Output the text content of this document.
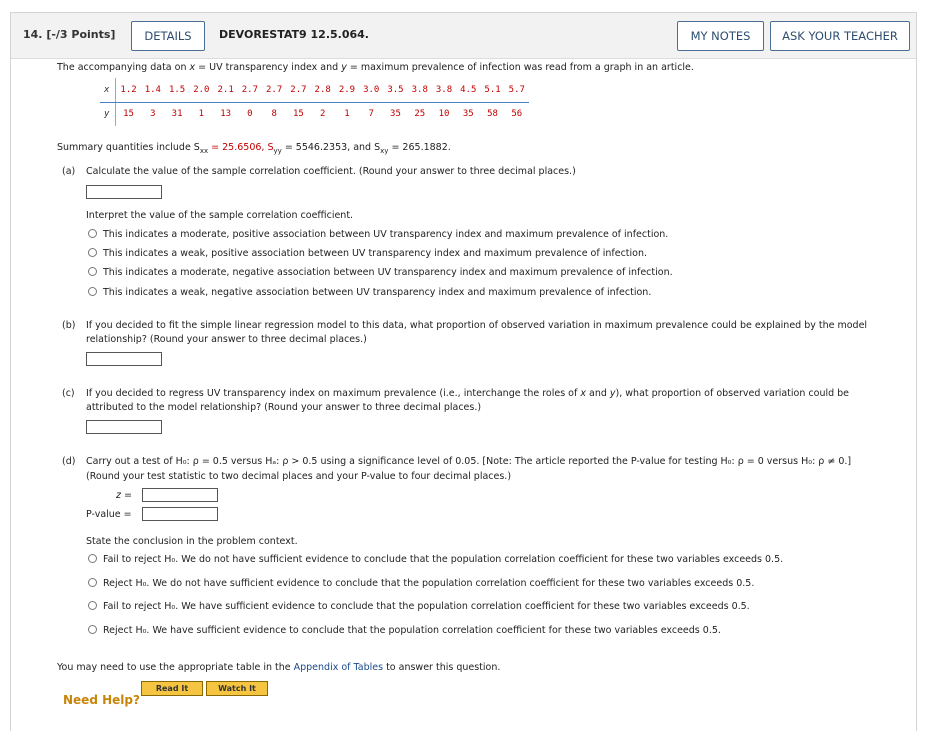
14. [-/3 Points]	DETAILS	DEVORESTAT9 12.5.064.	MY NOTES	ASK YOUR TEACHER
The accompanying data on x = UV transparency index and y = maximum prevalence of infection was read from a graph in an article.
x	1.2	1.4	1.5	2.0	2.1	2.7	2.7	2.7	2.8	2.9	3.0	3.5	3.8	3.8	4.5	5.1	5.7
y	15	3	31	1	13	0	8	15	2	1	7	35	25	10	35	58	56
Summary quantities include $S_{xx} = 25.6506$, $S_{yy} = 5546.2353$, and $S_{xy} = 265.1882$.
(a) Calculate the value of the sample correlation coefficient. (Round your answer to three decimal places.)
Interpret the value of the sample correlation coefficient.
This indicates a moderate, positive association between UV transparency index and maximum prevalence of infection.
This indicates a weak, positive association between UV transparency index and maximum prevalence of infection.
This indicates a moderate, negative association between UV transparency index and maximum prevalence of infection.
This indicates a weak, negative association between UV transparency index and maximum prevalence of infection.
(b) If you decided to fit the simple linear regression model to this data, what proportion of observed variation in maximum prevalence could be explained by the model
relationship? (Round your answer to three decimal places.)
(c) If you decided to regress UV transparency index on maximum prevalence (i.e., interchange the roles of x and y), what proportion of observed variation could be
attributed to the model relationship? (Round your answer to three decimal places.)
(d) Carry out a test of H₀: ρ = 0.5 versus Hₐ: ρ > 0.5 using a significance level of 0.05. [Note: The article reported the P-value for testing H₀: ρ = 0 versus H₀: ρ ≠ 0.]
(Round your test statistic to two decimal places and your P-value to four decimal places.)
z =
P-value =
State the conclusion in the problem context.
Fail to reject H₀. We do not have sufficient evidence to conclude that the population correlation coefficient for these two variables exceeds 0.5.
Reject H₀. We do not have sufficient evidence to conclude that the population correlation coefficient for these two variables exceeds 0.5.
Fail to reject H₀. We have sufficient evidence to conclude that the population correlation coefficient for these two variables exceeds 0.5.
Reject H₀. We have sufficient evidence to conclude that the population correlation coefficient for these two variables exceeds 0.5.
You may need to use the appropriate table in the Appendix of Tables to answer this question.
Need Help?
Read It	Watch It
